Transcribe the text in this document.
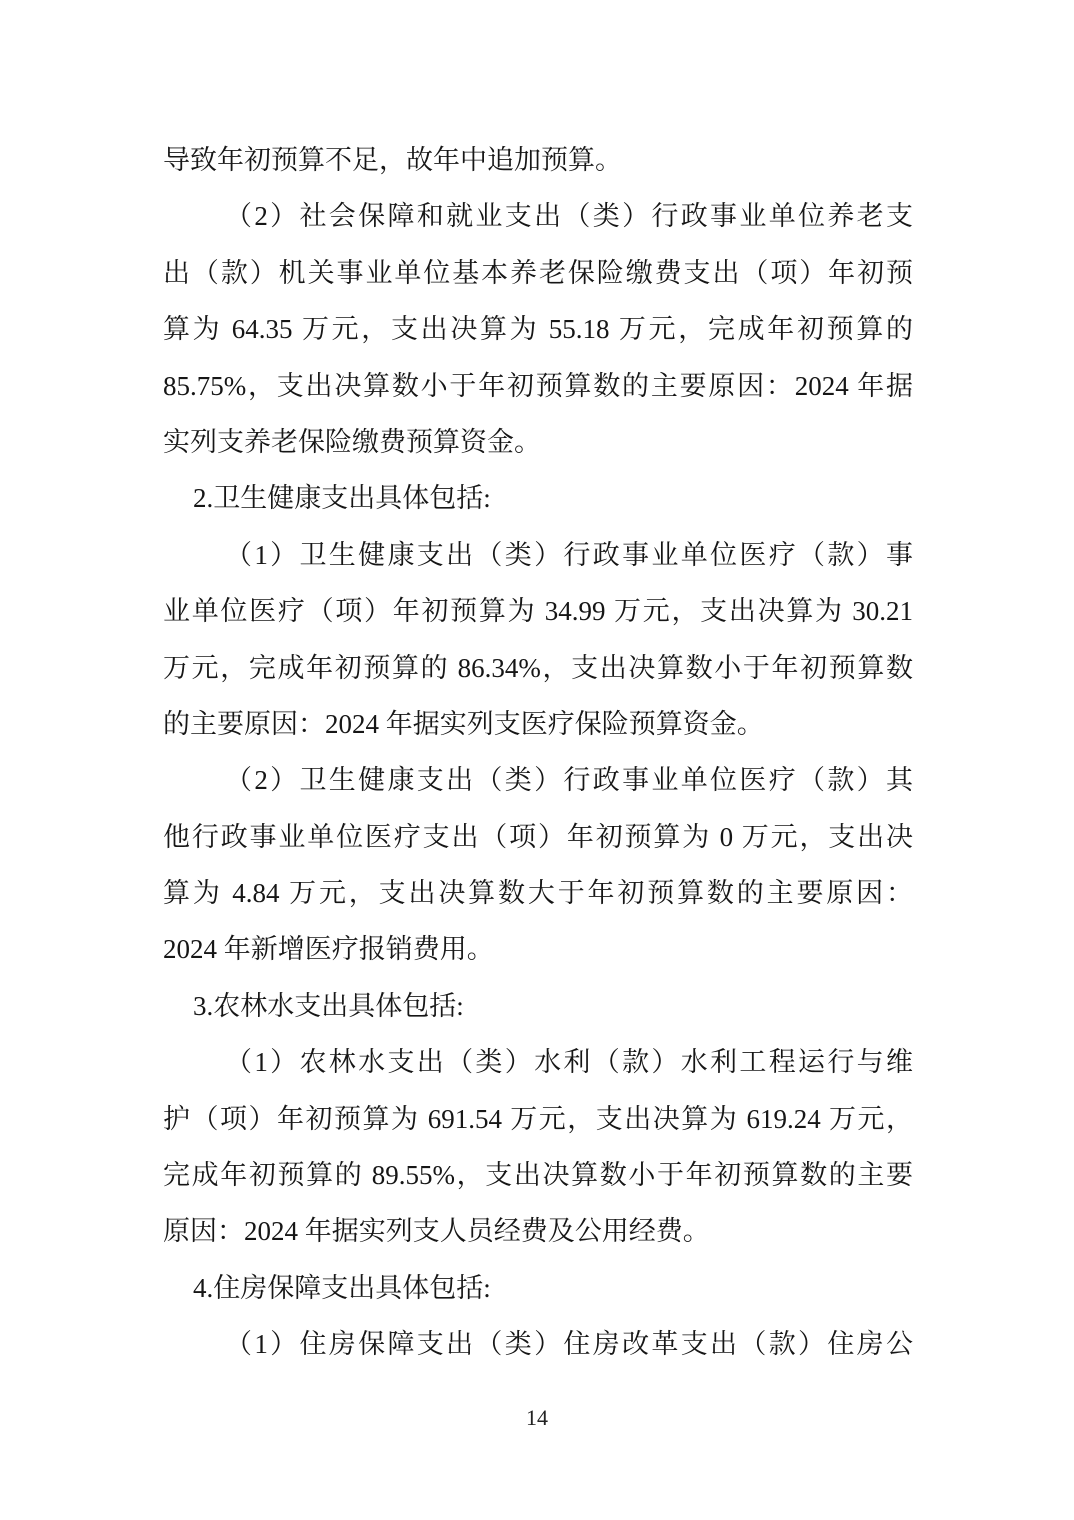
导致年初预算不足，故年中追加预算。
（2）社会保障和就业支出（类）行政事业单位养老支
出（款）机关事业单位基本养老保险缴费支出（项）年初预
算为 64.35 万元，支出决算为 55.18 万元，完成年初预算的
85.75%，支出决算数小于年初预算数的主要原因：2024 年据
实列支养老保险缴费预算资金。
2.卫生健康支出具体包括:
（1）卫生健康支出（类）行政事业单位医疗（款）事
业单位医疗（项）年初预算为 34.99 万元，支出决算为 30.21
万元，完成年初预算的 86.34%，支出决算数小于年初预算数
的主要原因：2024 年据实列支医疗保险预算资金。
（2）卫生健康支出（类）行政事业单位医疗（款）其
他行政事业单位医疗支出（项）年初预算为 0 万元，支出决
算为 4.84 万元，支出决算数大于年初预算数的主要原因：
2024 年新增医疗报销费用。
3.农林水支出具体包括:
（1）农林水支出（类）水利（款）水利工程运行与维
护（项）年初预算为 691.54 万元，支出决算为 619.24 万元，
完成年初预算的 89.55%，支出决算数小于年初预算数的主要
原因：2024 年据实列支人员经费及公用经费。
4.住房保障支出具体包括:
（1）住房保障支出（类）住房改革支出（款）住房公
14
